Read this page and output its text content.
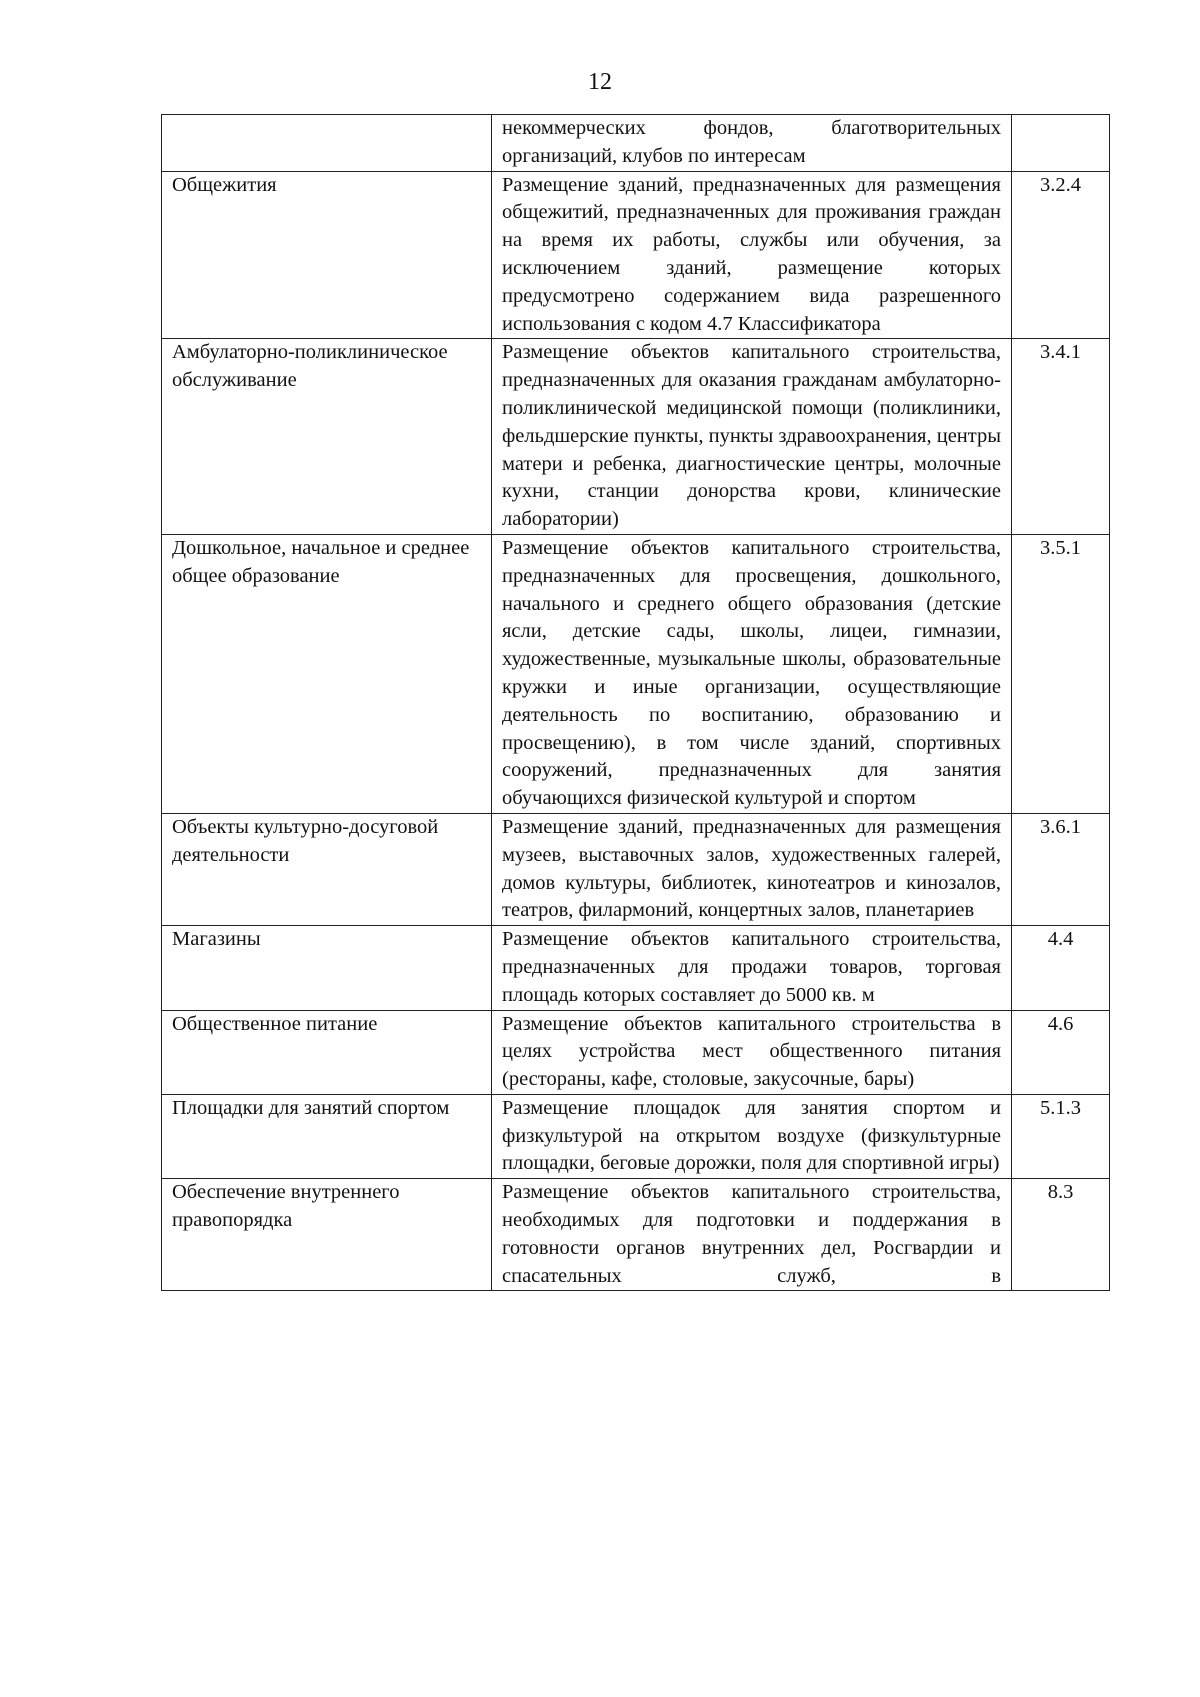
12
	некоммерческих фондов, благотворительных организаций, клубов по интересам	
Общежития	Размещение зданий, предназначенных для размещения общежитий, предназначенных для проживания граждан на время их работы, службы или обучения, за исключением зданий, размещение которых предусмотрено содержанием вида разрешенного использования с кодом 4.7 Классификатора	3.2.4
Амбулаторно-поликлиническое обслуживание	Размещение объектов капитального строительства, предназначенных для оказания гражданам амбулаторно-поликлинической медицинской помощи (поликлиники, фельдшерские пункты, пункты здравоохранения, центры матери и ребенка, диагностические центры, молочные кухни, станции донорства крови, клинические лаборатории)	3.4.1
Дошкольное, начальное и среднее общее образование	Размещение объектов капитального строительства, предназначенных для просвещения, дошкольного, начального и среднего общего образования (детские ясли, детские сады, школы, лицеи, гимназии, художественные, музыкальные школы, образовательные кружки и иные организации, осуществляющие деятельность по воспитанию, образованию и просвещению), в том числе зданий, спортивных сооружений, предназначенных для занятия обучающихся физической культурой и спортом	3.5.1
Объекты культурно-досуговой деятельности	Размещение зданий, предназначенных для размещения музеев, выставочных залов, художественных галерей, домов культуры, библиотек, кинотеатров и кинозалов, театров, филармоний, концертных залов, планетариев	3.6.1
Магазины	Размещение объектов капитального строительства, предназначенных для продажи товаров, торговая площадь которых составляет до 5000 кв. м	4.4
Общественное питание	Размещение объектов капитального строительства в целях устройства мест общественного питания (рестораны, кафе, столовые, закусочные, бары)	4.6
Площадки для занятий спортом	Размещение площадок для занятия спортом и физкультурой на открытом воздухе (физкультурные площадки, беговые дорожки, поля для спортивной игры)	5.1.3
Обеспечение внутреннего правопорядка	Размещение объектов капитального строительства, необходимых для подготовки и поддержания в готовности органов внутренних дел, Росгвардии и спасательных служб, в	8.3
